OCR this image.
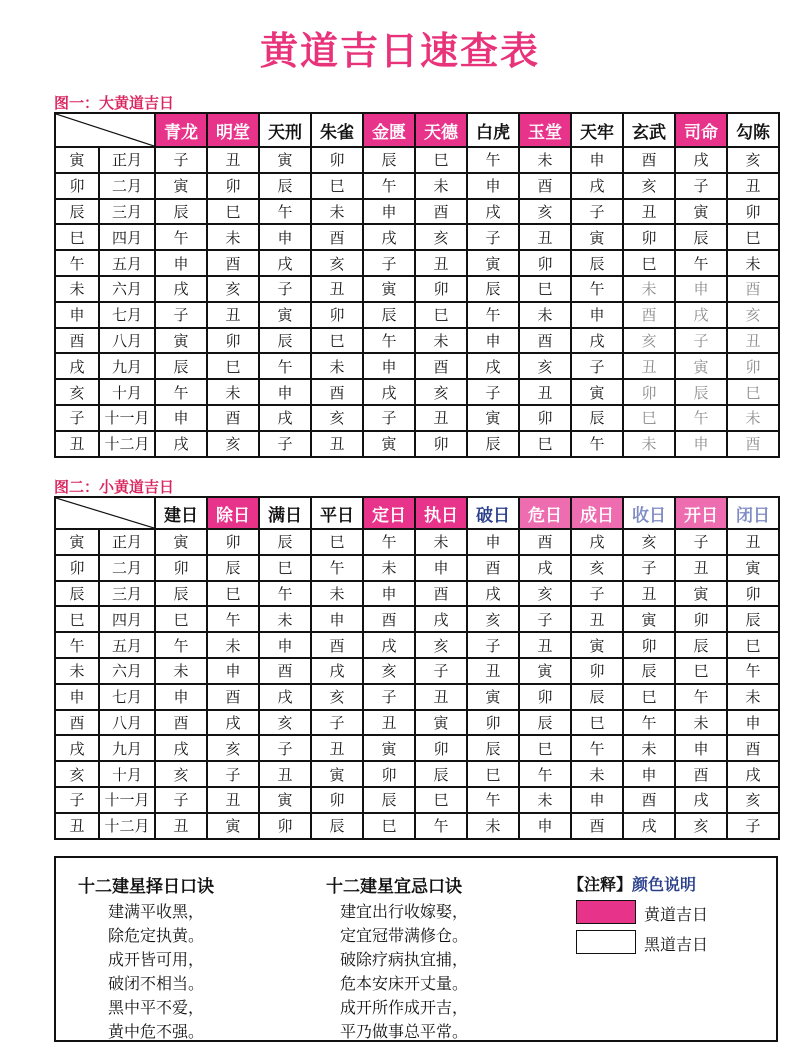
黄道吉日速查表
图一：大黄道吉日
	青龙	明堂	天刑	朱雀	金匮	天德	白虎	玉堂	天牢	玄武	司命	勾陈
寅	正月	子	丑	寅	卯	辰	巳	午	未	申	酉	戌	亥
卯	二月	寅	卯	辰	巳	午	未	申	酉	戌	亥	子	丑
辰	三月	辰	巳	午	未	申	酉	戌	亥	子	丑	寅	卯
巳	四月	午	未	申	酉	戌	亥	子	丑	寅	卯	辰	巳
午	五月	申	酉	戌	亥	子	丑	寅	卯	辰	巳	午	未
未	六月	戌	亥	子	丑	寅	卯	辰	巳	午	未	申	酉
申	七月	子	丑	寅	卯	辰	巳	午	未	申	酉	戌	亥
酉	八月	寅	卯	辰	巳	午	未	申	酉	戌	亥	子	丑
戌	九月	辰	巳	午	未	申	酉	戌	亥	子	丑	寅	卯
亥	十月	午	未	申	酉	戌	亥	子	丑	寅	卯	辰	巳
子	十一月	申	酉	戌	亥	子	丑	寅	卯	辰	巳	午	未
丑	十二月	戌	亥	子	丑	寅	卯	辰	巳	午	未	申	酉
图二：小黄道吉日
	建日	除日	满日	平日	定日	执日	破日	危日	成日	收日	开日	闭日
寅	正月	寅	卯	辰	巳	午	未	申	酉	戌	亥	子	丑
卯	二月	卯	辰	巳	午	未	申	酉	戌	亥	子	丑	寅
辰	三月	辰	巳	午	未	申	酉	戌	亥	子	丑	寅	卯
巳	四月	巳	午	未	申	酉	戌	亥	子	丑	寅	卯	辰
午	五月	午	未	申	酉	戌	亥	子	丑	寅	卯	辰	巳
未	六月	未	申	酉	戌	亥	子	丑	寅	卯	辰	巳	午
申	七月	申	酉	戌	亥	子	丑	寅	卯	辰	巳	午	未
酉	八月	酉	戌	亥	子	丑	寅	卯	辰	巳	午	未	申
戌	九月	戌	亥	子	丑	寅	卯	辰	巳	午	未	申	酉
亥	十月	亥	子	丑	寅	卯	辰	巳	午	未	申	酉	戌
子	十一月	子	丑	寅	卯	辰	巳	午	未	申	酉	戌	亥
丑	十二月	丑	寅	卯	辰	巳	午	未	申	酉	戌	亥	子
十二建星择日口诀
建满平收黑，
除危定执黄。
成开皆可用，
破闭不相当。
黑中平不爱，
黄中危不强。
十二建星宜忌口诀
建宜出行收嫁娶，
定宜冠带满修仓。
破除疗病执宜捕，
危本安床开丈量。
成开所作成开吉，
平乃做事总平常。
【注释】颜色说明
黄道吉日
黑道吉日
